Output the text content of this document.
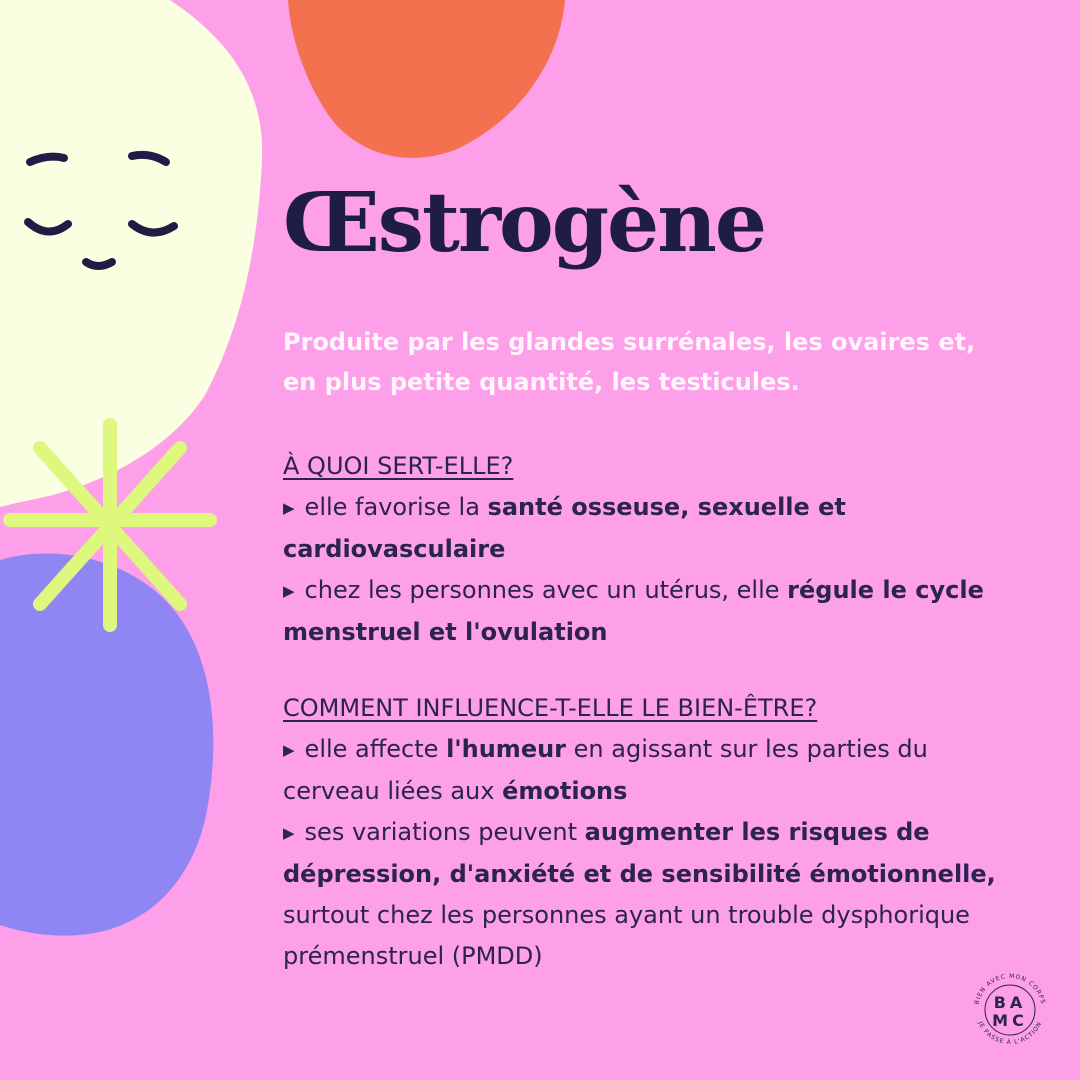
Œstrogène

Produite par les glandes surrénales, les ovaires et, en plus petite quantité, les testicules.

À QUOI SERT-ELLE?
▶ elle favorise la santé osseuse, sexuelle et cardiovasculaire
▶ chez les personnes avec un utérus, elle régule le cycle menstruel et l'ovulation
COMMENT INFLUENCE-T-ELLE LE BIEN-ÊTRE?
▶ elle affecte l'humeur en agissant sur les parties du cerveau liées aux émotions
▶ ses variations peuvent augmenter les risques de dépression, d'anxiété et de sensibilité émotionnelle, surtout chez les personnes ayant un trouble dysphorique prémenstruel (PMDD)
BIEN AVEC MON CORPS
JE PASSE À L'ACTION
BA
MC
